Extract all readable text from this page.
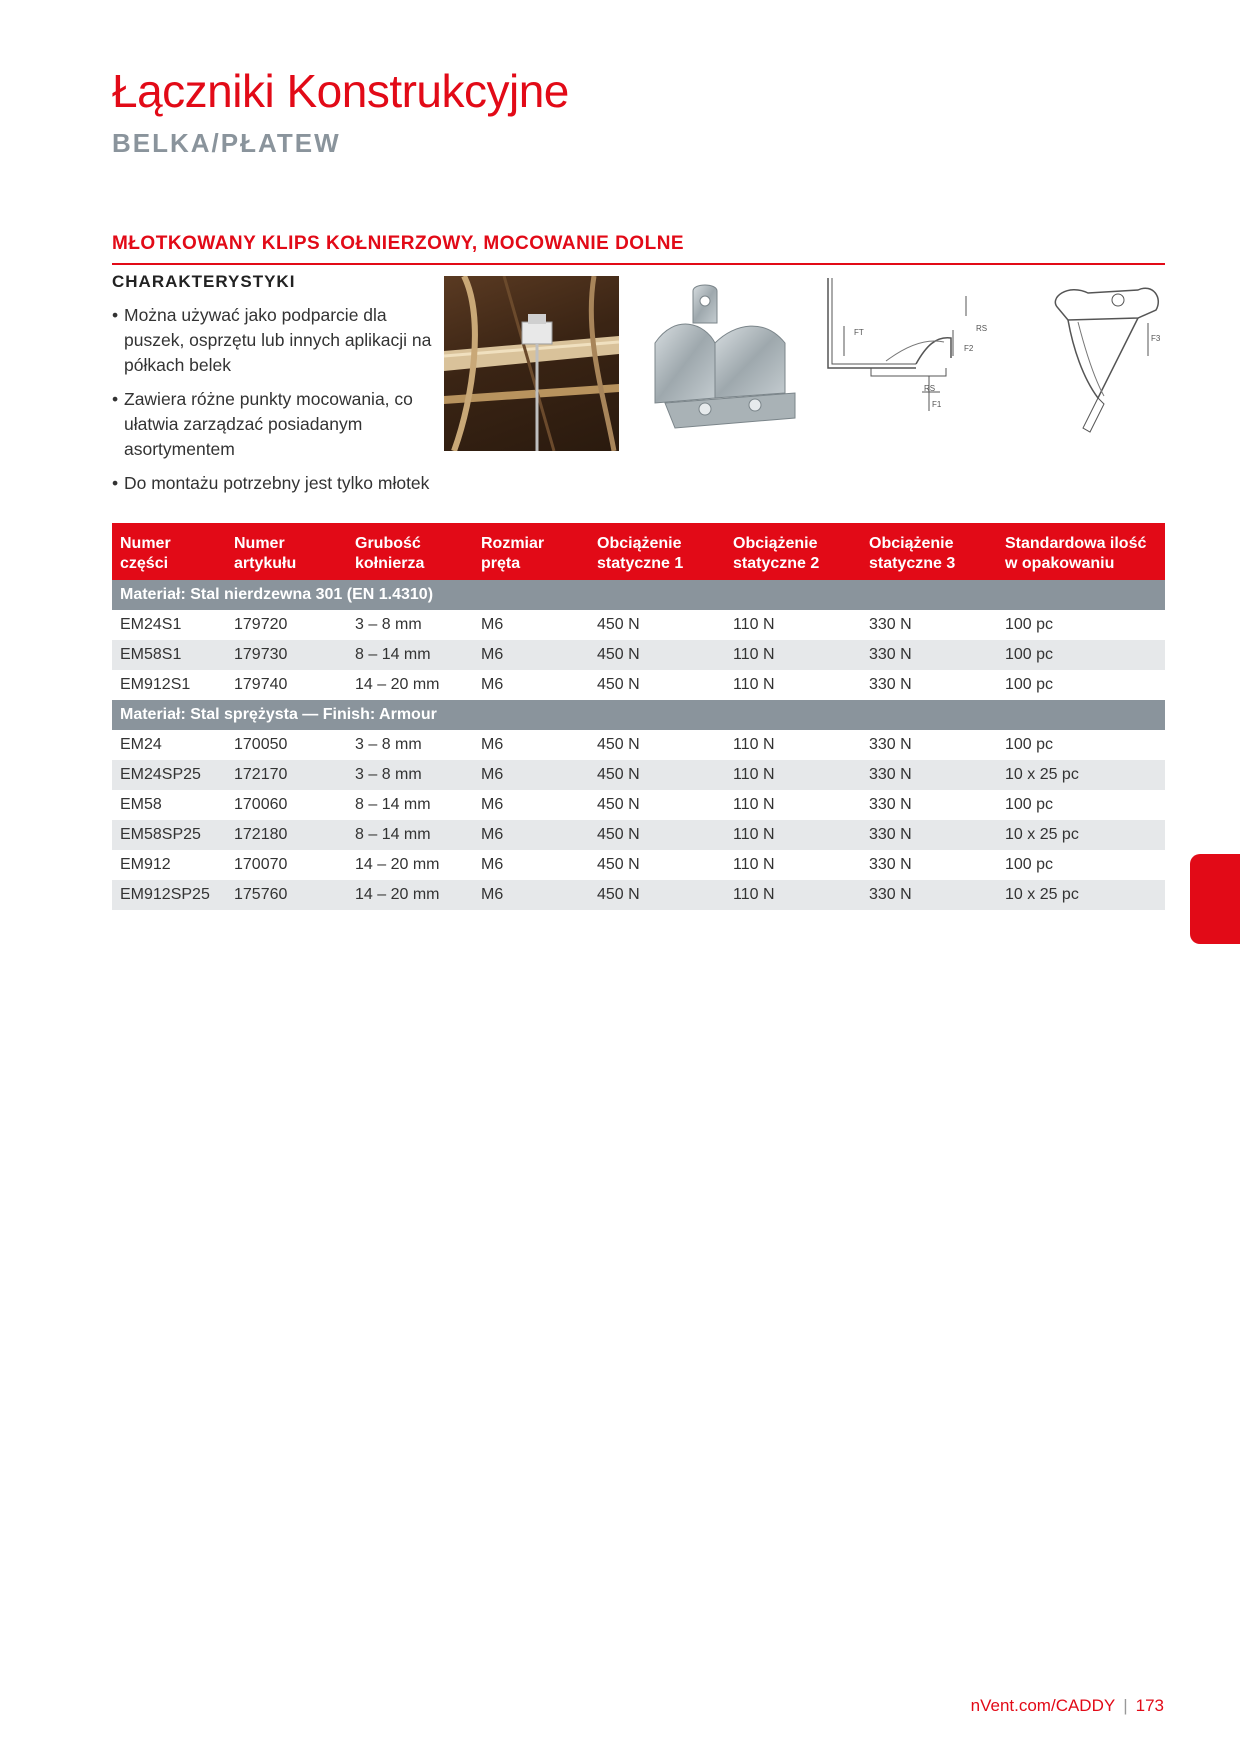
Łączniki Konstrukcyjne
BELKA/PŁATEW
MŁOTKOWANY KLIPS KOŁNIERZOWY, MOCOWANIE DOLNE
CHARAKTERYSTYKI
• Można używać jako podparcie dla puszek, osprzętu lub innych aplikacji na półkach belek
• Zawiera różne punkty mocowania, co ułatwia zarządzać posiadanym asortymentem
• Do montażu potrzebny jest tylko młotek
FT	RS
F2
RS
F1
F3
Numer części	Numer artykułu	Grubość kołnierza	Rozmiar pręta	Obciążenie statyczne 1	Obciążenie statyczne 2	Obciążenie statyczne 3	Standardowa ilość w opakowaniu
Materiał: Stal nierdzewna 301 (EN 1.4310)							
EM24S1	179720	3 – 8 mm	M6	450 N	110 N	330 N	100 pc
EM58S1	179730	8 – 14 mm	M6	450 N	110 N	330 N	100 pc
EM912S1	179740	14 – 20 mm	M6	450 N	110 N	330 N	100 pc
Materiał: Stal sprężysta — Finish: Armour							
EM24	170050	3 – 8 mm	M6	450 N	110 N	330 N	100 pc
EM24SP25	172170	3 – 8 mm	M6	450 N	110 N	330 N	10 x 25 pc
EM58	170060	8 – 14 mm	M6	450 N	110 N	330 N	100 pc
EM58SP25	172180	8 – 14 mm	M6	450 N	110 N	330 N	10 x 25 pc
EM912	170070	14 – 20 mm	M6	450 N	110 N	330 N	100 pc
EM912SP25	175760	14 – 20 mm	M6	450 N	110 N	330 N	10 x 25 pc
nVent.com/CADDY | 173
